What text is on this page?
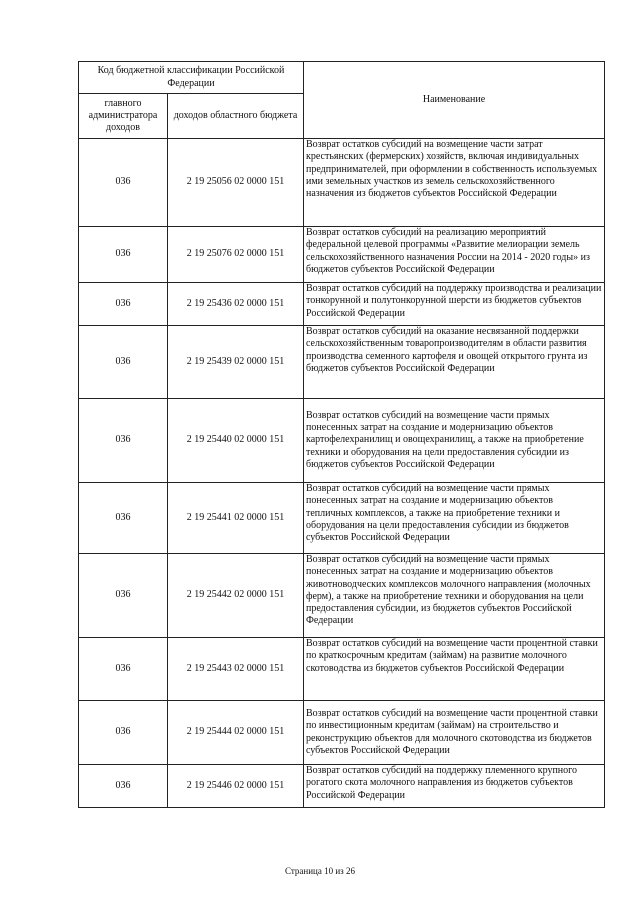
Код бюджетной классификации Российской Федерации		Наименование
главного администратора доходов	доходов областного бюджета	
036	2 19 25056 02 0000 151	Возврат остатков субсидий на возмещение части затрат крестьянских (фермерских) хозяйств, включая индивидуальных предпринимателей, при оформлении в собственность используемых ими земельных участков из земель сельскохозяйственного назначения из бюджетов субъектов Российской Федерации
036	2 19 25076 02 0000 151	Возврат остатков субсидий на реализацию мероприятий федеральной целевой программы «Развитие мелиорации земель сельскохозяйственного назначения России на 2014 - 2020 годы» из бюджетов субъектов Российской Федерации
036	2 19 25436 02 0000 151	Возврат остатков субсидий на поддержку производства и реализации тонкорунной и полутонкорунной шерсти из бюджетов субъектов Российской Федерации
036	2 19 25439 02 0000 151	Возврат остатков субсидий на оказание несвязанной поддержки сельскохозяйственным товаропроизводителям в области развития производства семенного картофеля и овощей открытого грунта из бюджетов субъектов Российской Федерации
036	2 19 25440 02 0000 151	Возврат остатков субсидий на возмещение части прямых понесенных затрат на создание и модернизацию объектов картофелехранилищ и овощехранилищ, а также на приобретение техники и оборудования на цели предоставления субсидии из бюджетов субъектов Российской Федерации
036	2 19 25441 02 0000 151	Возврат остатков субсидий на возмещение части прямых понесенных затрат на создание и модернизацию объектов тепличных комплексов, а также на приобретение техники и оборудования на цели предоставления субсидии из бюджетов субъектов Российской Федерации
036	2 19 25442 02 0000 151	Возврат остатков субсидий на возмещение части прямых понесенных затрат на создание и модернизацию объектов животноводческих комплексов молочного направления (молочных ферм), а также на приобретение техники и оборудования на цели предоставления субсидии, из бюджетов субъектов Российской Федерации
036	2 19 25443 02 0000 151	Возврат остатков субсидий на возмещение части процентной ставки по краткосрочным кредитам (займам) на развитие молочного скотоводства из бюджетов субъектов Российской Федерации
036	2 19 25444 02 0000 151	Возврат остатков субсидий на возмещение части процентной ставки по инвестиционным кредитам (займам) на строительство и реконструкцию объектов для молочного скотоводства из бюджетов субъектов Российской Федерации
036	2 19 25446 02 0000 151	Возврат остатков субсидий на поддержку племенного крупного рогатого скота молочного направления из бюджетов субъектов Российской Федерации
Страница 10 из 26
